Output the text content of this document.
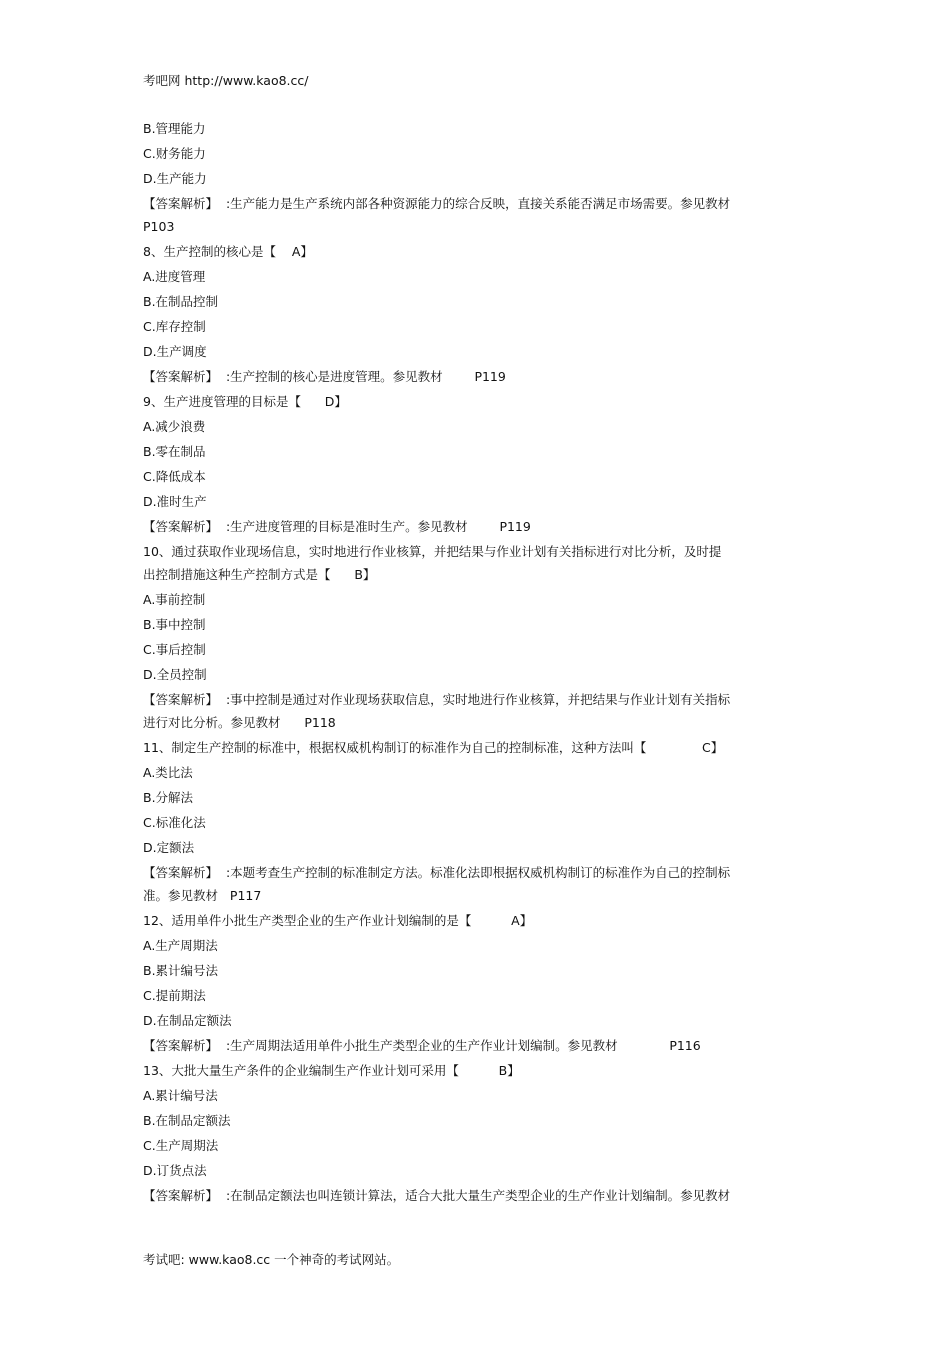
考吧网 http://www.kao8.cc/
B.管理能力
C.财务能力
D.生产能力
【答案解析】  :生产能力是生产系统内部各种资源能力的综合反映，直接关系能否满足市场需要。参见教材
P103
8、生产控制的核心是【    A】
A.进度管理
B.在制品控制
C.库存控制
D.生产调度
【答案解析】  :生产控制的核心是进度管理。参见教材        P119
9、生产进度管理的目标是【      D】
A.减少浪费
B.零在制品
C.降低成本
D.准时生产
【答案解析】  :生产进度管理的目标是准时生产。参见教材        P119
10、通过获取作业现场信息，实时地进行作业核算，并把结果与作业计划有关指标进行对比分析，及时提
出控制措施这种生产控制方式是【      B】
A.事前控制
B.事中控制
C.事后控制
D.全员控制
【答案解析】  :事中控制是通过对作业现场获取信息，实时地进行作业核算，并把结果与作业计划有关指标
进行对比分析。参见教材      P118
11、制定生产控制的标准中，根据权威机构制订的标准作为自己的控制标准，这种方法叫【              C】
A.类比法
B.分解法
C.标准化法
D.定额法
【答案解析】  :本题考查生产控制的标准制定方法。标准化法即根据权威机构制订的标准作为自己的控制标
准。参见教材   P117
12、适用单件小批生产类型企业的生产作业计划编制的是【          A】
A.生产周期法
B.累计编号法
C.提前期法
D.在制品定额法
【答案解析】  :生产周期法适用单件小批生产类型企业的生产作业计划编制。参见教材             P116
13、大批大量生产条件的企业编制生产作业计划可采用【          B】
A.累计编号法
B.在制品定额法
C.生产周期法
D.订货点法
【答案解析】  :在制品定额法也叫连锁计算法，适合大批大量生产类型企业的生产作业计划编制。参见教材
考试吧: www.kao8.cc 一个神奇的考试网站。
